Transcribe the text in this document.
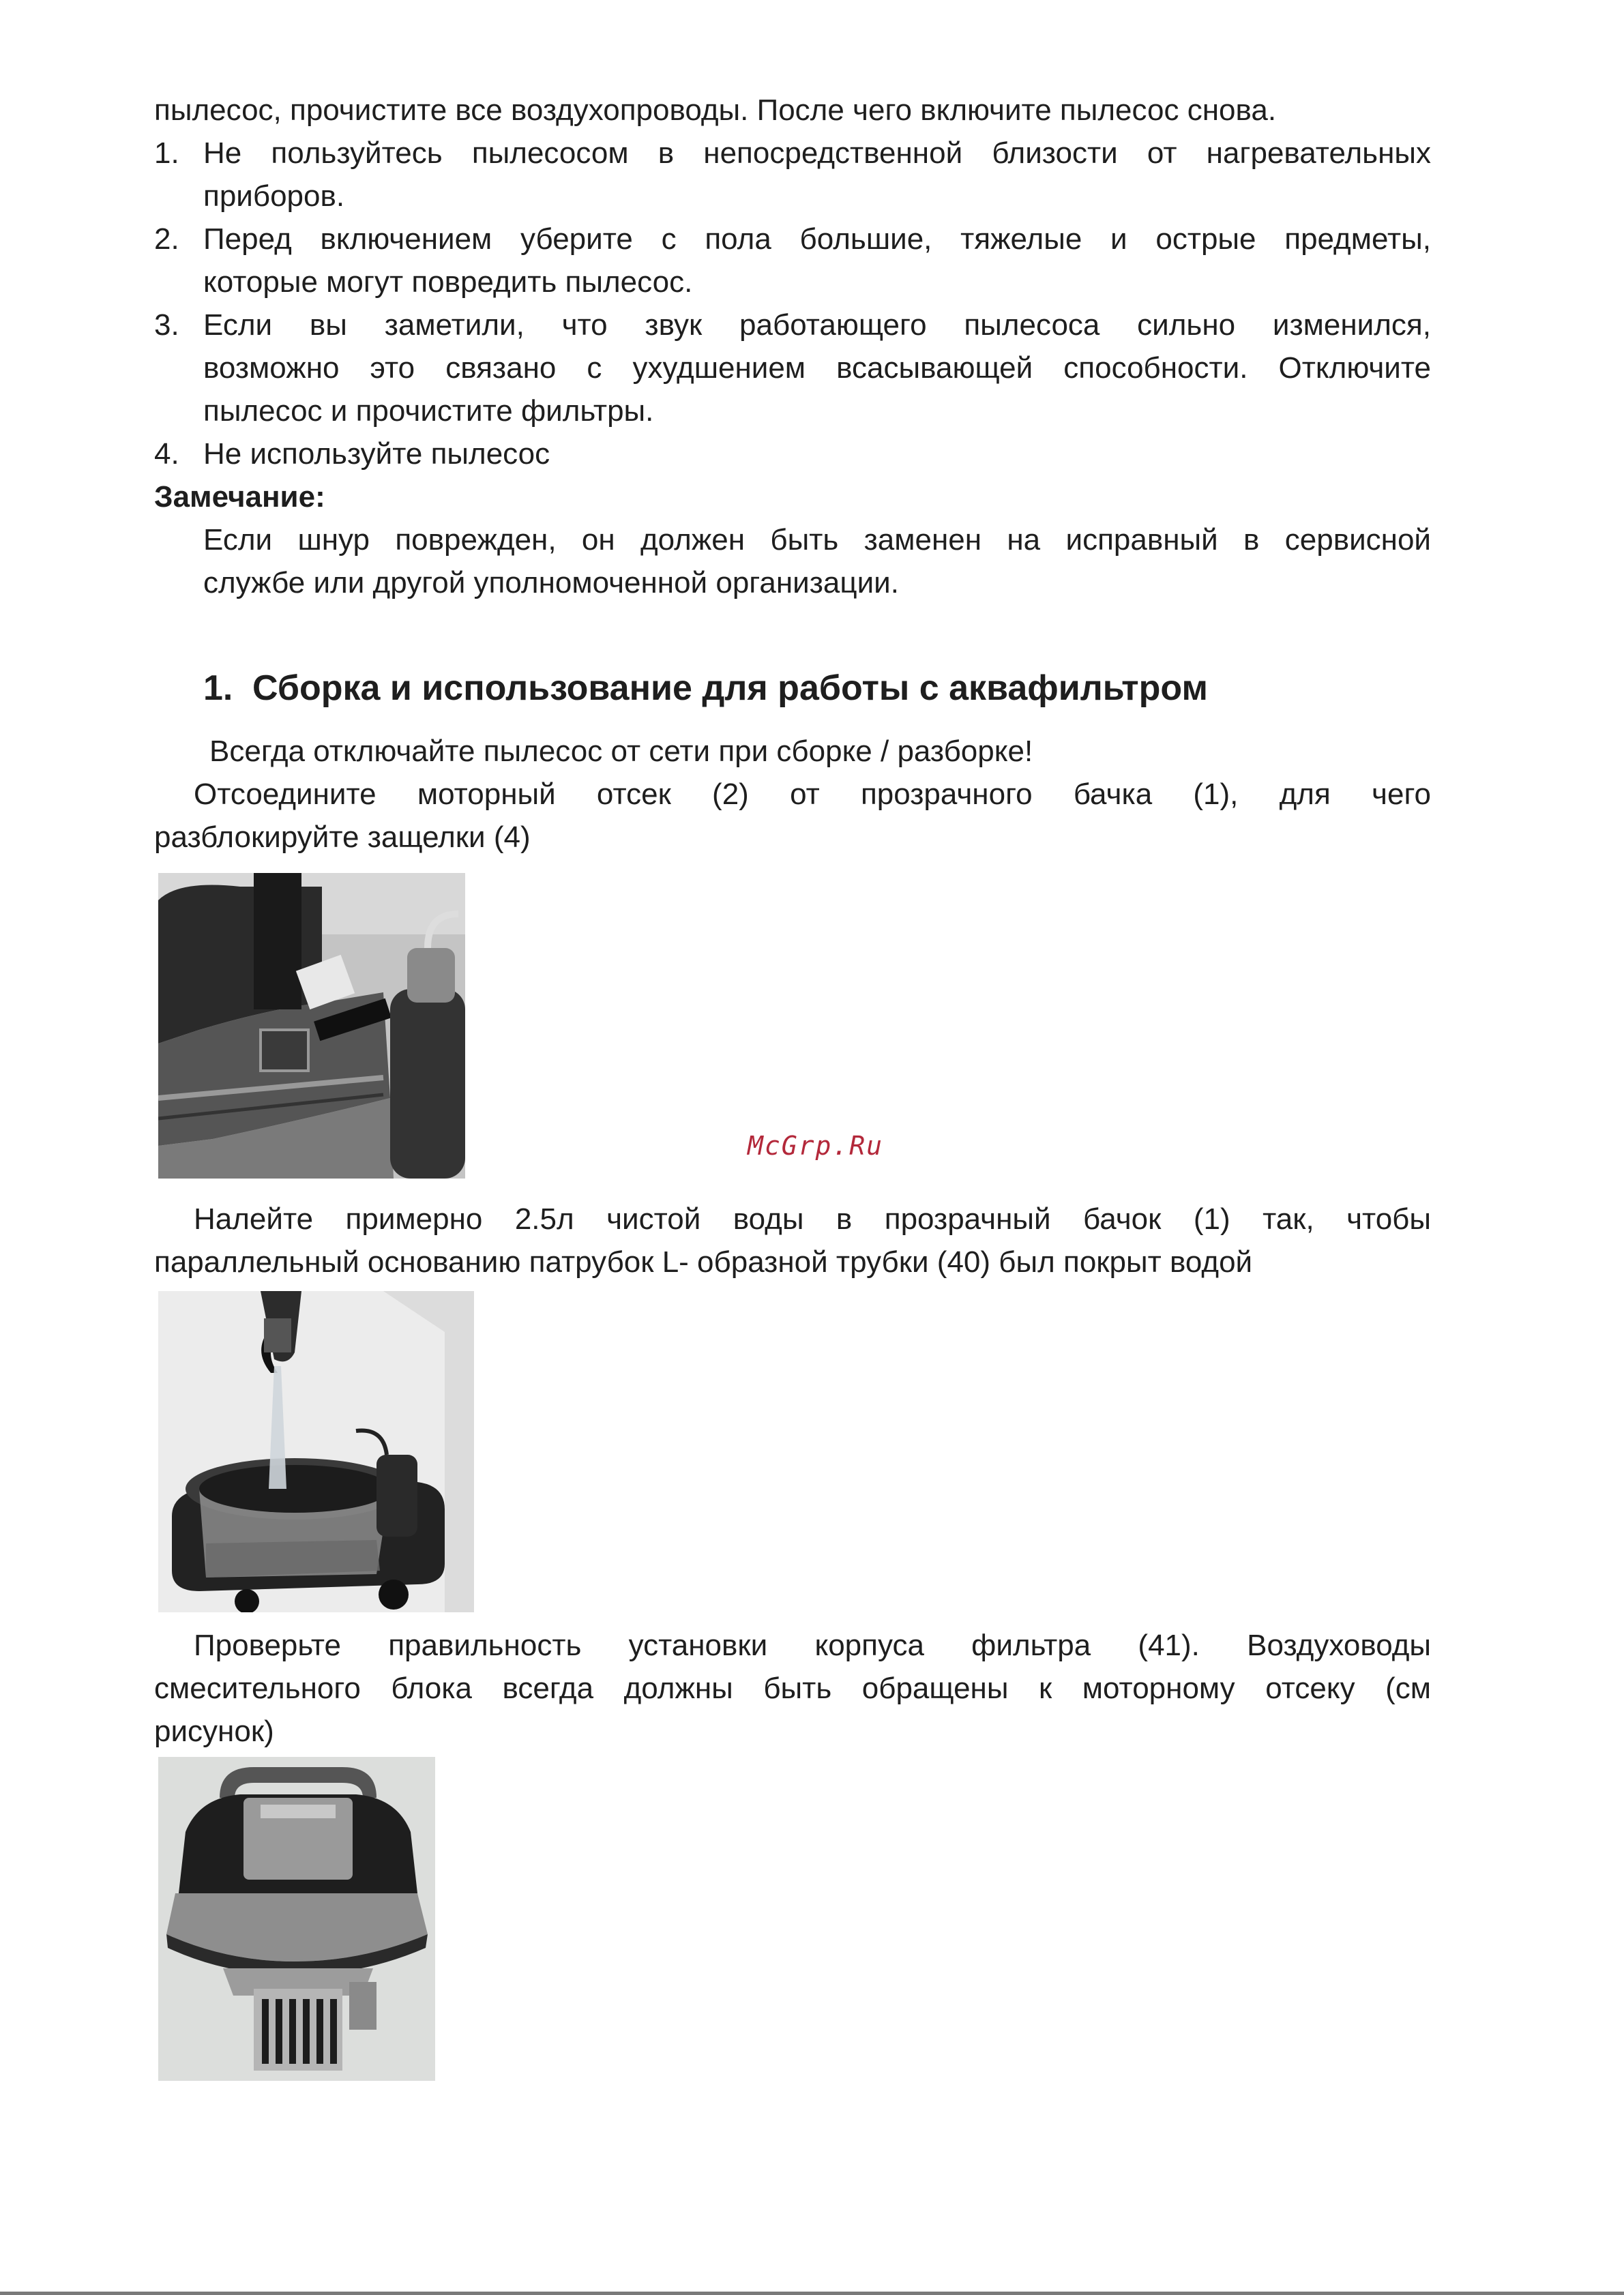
пылесос, прочистите все воздухопроводы. После чего включите пылесос снова.
1. Не пользуйтесь пылесосом в непосредственной близости от нагревательных
приборов.
2. Перед включением уберите с пола большие, тяжелые и острые предметы,
которые могут повредить пылесос.
3. Если вы заметили, что звук работающего пылесоса сильно изменился,
возможно это связано с ухудшением всасывающей способности. Отключите
пылесос и прочистите фильтры.
4. Не используйте пылесос
Замечание:
Если шнур поврежден, он должен быть заменен на исправный в сервисной
службе или другой уполномоченной организации.
1. Сборка и использование для работы с аквафильтром
Всегда отключайте пылесос от сети при сборке / разборке!
Отсоедините моторный отсек (2) от прозрачного бачка (1), для чего
разблокируйте защелки (4)
McGrp.Ru
Налейте примерно 2.5л чистой воды в прозрачный бачок (1) так, чтобы
параллельный основанию патрубок L- образной трубки (40) был покрыт водой
Проверьте правильность установки корпуса фильтра (41). Воздуховоды
смесительного блока всегда должны быть обращены к моторному отсеку (см
рисунок)
